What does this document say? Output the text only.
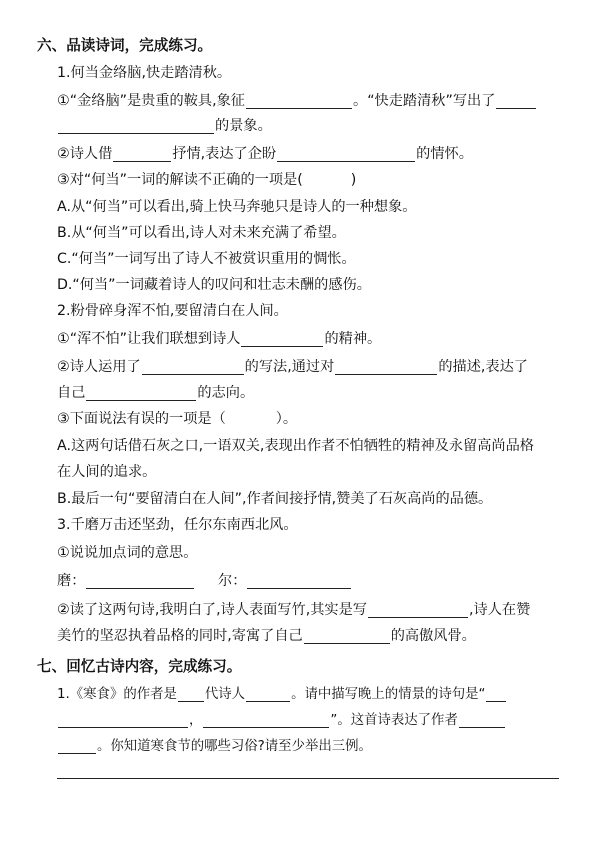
六、品读诗词，完成练习。
1.何当金络脑,快走踏清秋。
①“金络脑”是贵重的鞍具,象征	。“快走踏清秋”写出了
的景象。
②诗人借	抒情,表达了企盼	的情怀。
③对“何当”一词的解读不正确的一项是(	)
A.从“何当”可以看出,骑上快马奔驰只是诗人的一种想象。
B.从“何当”可以看出,诗人对未来充满了希望。
C.“何当”一词写出了诗人不被赏识重用的惆怅。
D.“何当”一词藏着诗人的叹问和壮志未酬的感伤。
2.粉骨碎身浑不怕,要留清白在人间。
①“浑不怕”让我们联想到诗人	的精神。
②诗人运用了	的写法,通过对	的描述,表达了
自己	的志向。
③下面说法有误的一项是（	）。
A.这两句话借石灰之口,一语双关,表现出作者不怕牺牲的精神及永留高尚品格
在人间的追求。
B.最后一句“要留清白在人间”,作者间接抒情,赞美了石灰高尚的品德。
3.千磨万击还坚劲，任尔东南西北风。
①说说加点词的意思。
磨：	尔：
②读了这两句诗,我明白了,诗人表面写竹,其实是写	,诗人在赞
美竹的坚忍执着品格的同时,寄寓了自己	的高傲风骨。
七、回忆古诗内容，完成练习。
1.《寒食》的作者是 代诗人	。请中描写晚上的情景的诗句是“
，	”。这首诗表达了作者
。你知道寒食节的哪些习俗?请至少举出三例。
